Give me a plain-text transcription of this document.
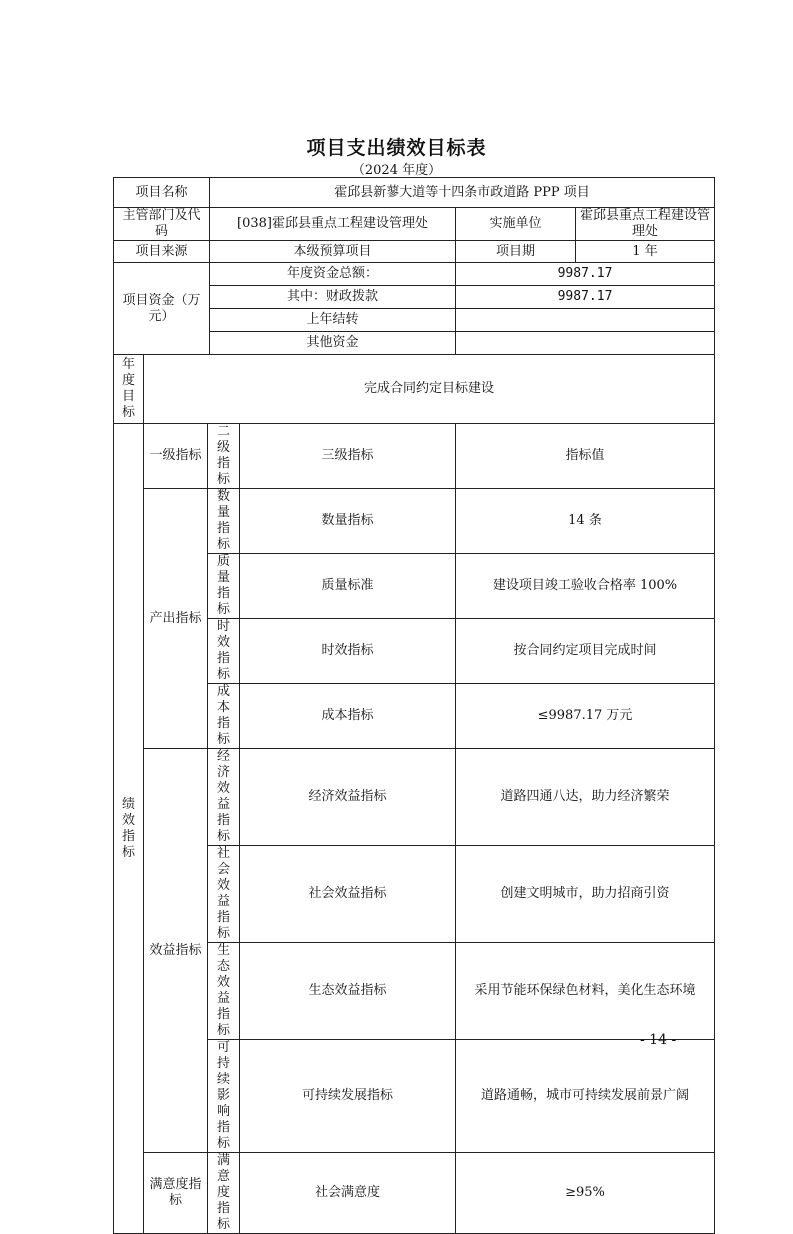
项目支出绩效目标表
（2024 年度）
项目名称			霍邱县新蓼大道等十四条市政道路 PPP 项目			
主管部门及代码			[038]霍邱县重点工程建设管理处		实施单位	霍邱县重点工程建设管理处
项目来源			本级预算项目		项目期	1 年
项目资金（万元）			年度资金总额：		9987.17	
			其中：财政拨款		9987.17	
			上年结转			
			其他资金			
年度目标	完成合同约定目标建设					
绩效指标	一级指标	二级指标		三级指标	指标值	
	产出指标	数量指标		数量指标	14 条	
		质量指标		质量标准	建设项目竣工验收合格率 100%	
		时效指标		时效指标	按合同约定项目完成时间	
		成本指标		成本指标	≤9987.17 万元	
	效益指标	经济效益指标		经济效益指标	道路四通八达，助力经济繁荣	
		社会效益指标		社会效益指标	创建文明城市，助力招商引资	
		生态效益指标		生态效益指标	采用节能环保绿色材料，美化生态环境	
		可持续影响指标		可持续发展指标	道路通畅，城市可持续发展前景广阔	
	满意度指标	满意度指标		社会满意度	≥95%	
- 14 -
